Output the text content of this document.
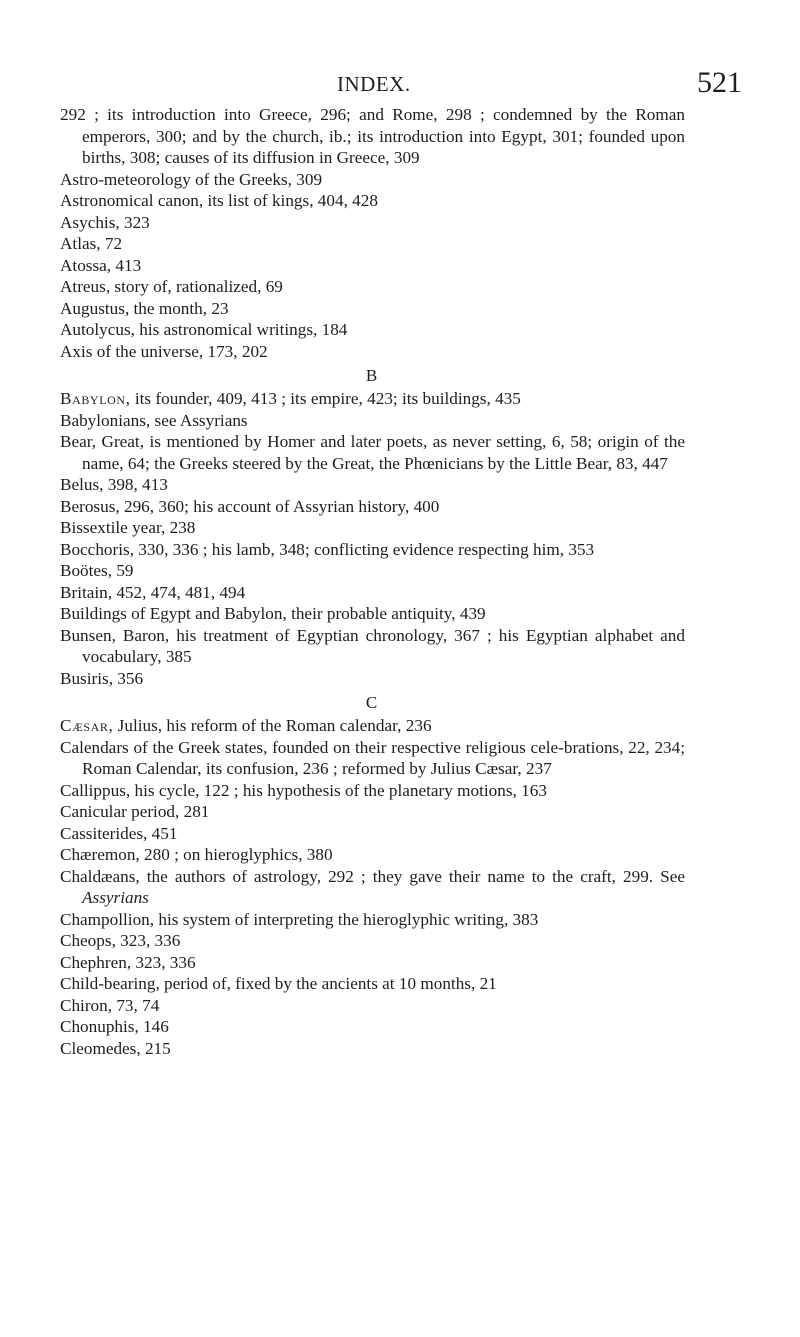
INDEX.	521

292 ; its introduction into Greece, 296; and Rome, 298 ; condemned by the Roman emperors, 300; and by the church, ib.; its introduction into Egypt, 301; founded upon births, 308; causes of its diffusion in Greece, 309

Astro-meteorology of the Greeks, 309

Astronomical canon, its list of kings, 404, 428

Asychis, 323

Atlas, 72

Atossa, 413

Atreus, story of, rationalized, 69

Augustus, the month, 23

Autolycus, his astronomical writings, 184

Axis of the universe, 173, 202

B

Babylon, its founder, 409, 413 ; its empire, 423; its buildings, 435

Babylonians, see Assyrians

Bear, Great, is mentioned by Homer and later poets, as never setting, 6, 58; origin of the name, 64; the Greeks steered by the Great, the Phœnicians by the Little Bear, 83, 447

Belus, 398, 413

Berosus, 296, 360; his account of Assyrian history, 400

Bissextile year, 238

Bocchoris, 330, 336 ; his lamb, 348; conflicting evidence respecting him, 353

Boötes, 59

Britain, 452, 474, 481, 494

Buildings of Egypt and Babylon, their probable antiquity, 439

Bunsen, Baron, his treatment of Egyptian chronology, 367 ; his Egyptian alphabet and vocabulary, 385

Busiris, 356

C

Cæsar, Julius, his reform of the Roman calendar, 236

Calendars of the Greek states, founded on their respective religious cele-brations, 22, 234; Roman Calendar, its confusion, 236 ; reformed by Julius Cæsar, 237

Callippus, his cycle, 122 ; his hypothesis of the planetary motions, 163

Canicular period, 281

Cassiterides, 451

Chæremon, 280 ; on hieroglyphics, 380

Chaldæans, the authors of astrology, 292 ; they gave their name to the craft, 299. See Assyrians

Champollion, his system of interpreting the hieroglyphic writing, 383

Cheops, 323, 336

Chephren, 323, 336

Child-bearing, period of, fixed by the ancients at 10 months, 21

Chiron, 73, 74

Chonuphis, 146

Cleomedes, 215
